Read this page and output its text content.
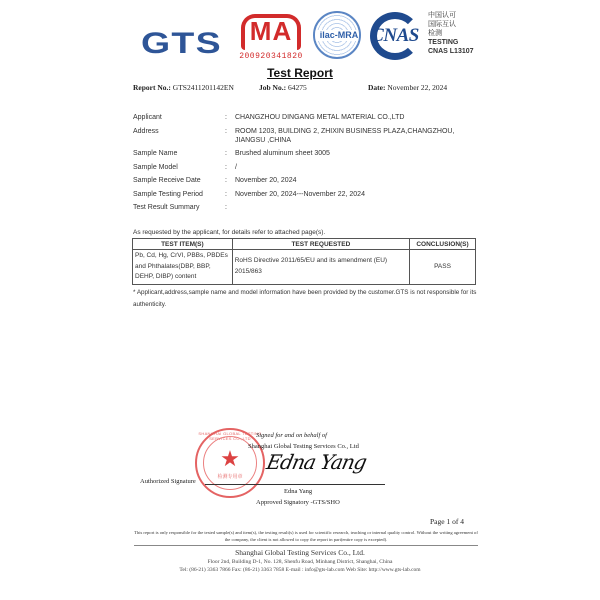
GTS MA
200920341820
ilac-MRA CNAS
中国认可
国际互认
检测
TESTING
CNAS L13107
Test Report
Report No.: GTS2411201142EN	Job No.: 64275	Date: November 22, 2024
Applicant	:	CHANGZHOU DINGANG METAL MATERIAL CO.,LTD
Address	:	ROOM 1203, BUILDING 2, ZHIXIN BUSINESS PLAZA,CHANGZHOU, JIANGSU ,CHINA
Sample Name	:	Brushed aluminum sheet 3005
Sample Model	:	/
Sample Receive Date	:	November 20, 2024
Sample Testing Period	:	November 20, 2024---November 22, 2024
Test Result Summary	:
As requested by the applicant, for details refer to attached page(s).
TEST ITEM(S)	TEST REQUESTED	CONCLUSION(S)
Pb, Cd, Hg, CrVI, PBBs, PBDEs and Phthalates(DBP, BBP, DEHP, DIBP) content	RoHS Directive 2011/65/EU and its amendment (EU) 2015/863	PASS
* Applicant,address,sample name and model information have been provided by the customer.GTS is not responsible for its authenticity.
SHANGHAI GLOBAL TESTING SERVICES CO.,LTD
★
检测专用章
Signed for and on behalf of
Shanghai Global Testing Services Co., Ltd
Authorized Signature
Edna Yang
Edna Yang
Approved Signatory -GTS/SHO
Page 1 of 4
This report is only responsible for the tested sample(s) and item(s), the testing result(s) is used for scientific research, teaching or internal quality control. Without the writing agreement of the company, the client is not allowed to copy the report in part(entire copy is excepted).
Shanghai Global Testing Services Co., Ltd.
Floor 2nd, Building D-1, No. 128, Shenfu Road, Minhang District, Shanghai, China
Tel: (86-21) 3363 7866 Fax: (86-21) 3363 7858 E-mail : info@gts-lab.com Web Site: http://www.gts-lab.com
